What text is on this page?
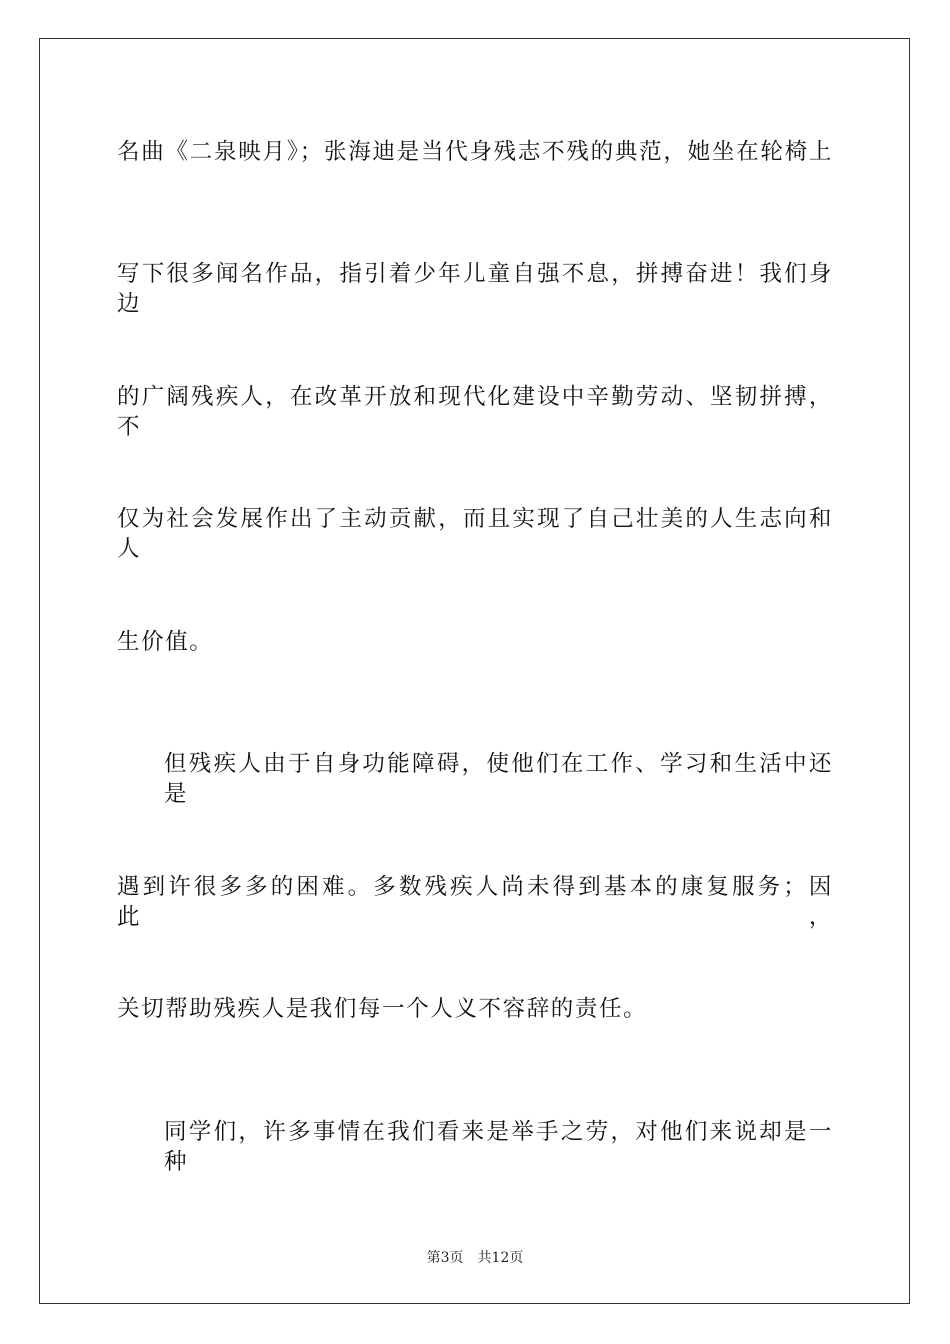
名曲《二泉映月》；张海迪是当代身残志不残的典范，她坐在轮椅上
写下很多闻名作品，指引着少年儿童自强不息，拼搏奋进！我们身边
的广阔残疾人，在改革开放和现代化建设中辛勤劳动、坚韧拼搏，不
仅为社会发展作出了主动贡献，而且实现了自己壮美的人生志向和人
生价值。
但残疾人由于自身功能障碍，使他们在工作、学习和生活中还是
遇到许很多多的困难。多数残疾人尚未得到基本的康复服务；因此，
关切帮助残疾人是我们每一个人义不容辞的责任。
同学们，许多事情在我们看来是举手之劳，对他们来说却是一种
第3页 共12页
